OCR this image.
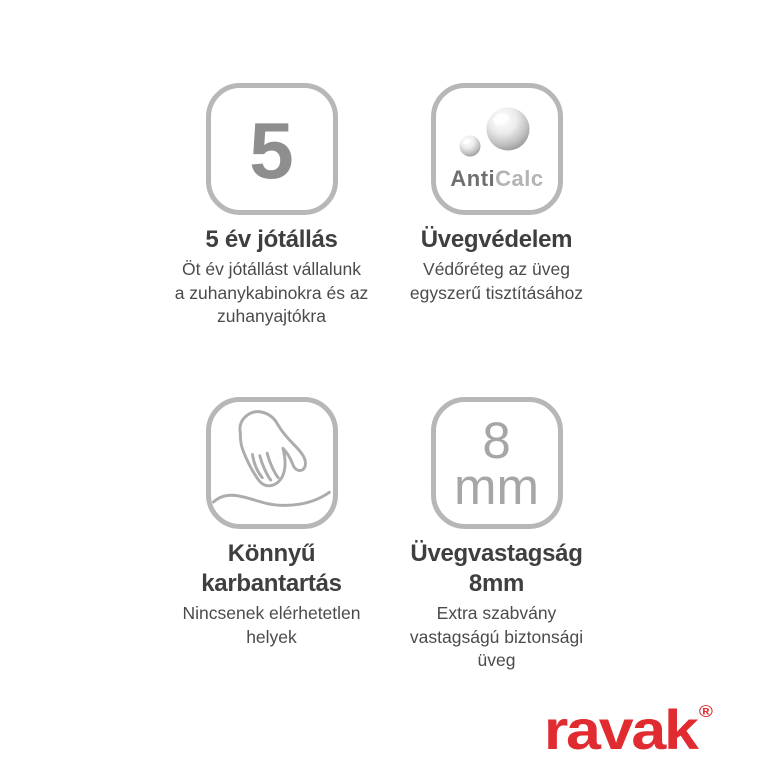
5
5 év jótállás
Öt év jótállást vállalunk
a zuhanykabinokra és az
zuhanyajtókra
AntiCalc
Üvegvédelem
Védőréteg az üveg
egyszerű tisztításához
Könnyű
karbantartás
Nincsenek elérhetetlen
helyek
8
mm
Üvegvastagság
8mm
Extra szabvány
vastagságú biztonsági
üveg
ravak ®
